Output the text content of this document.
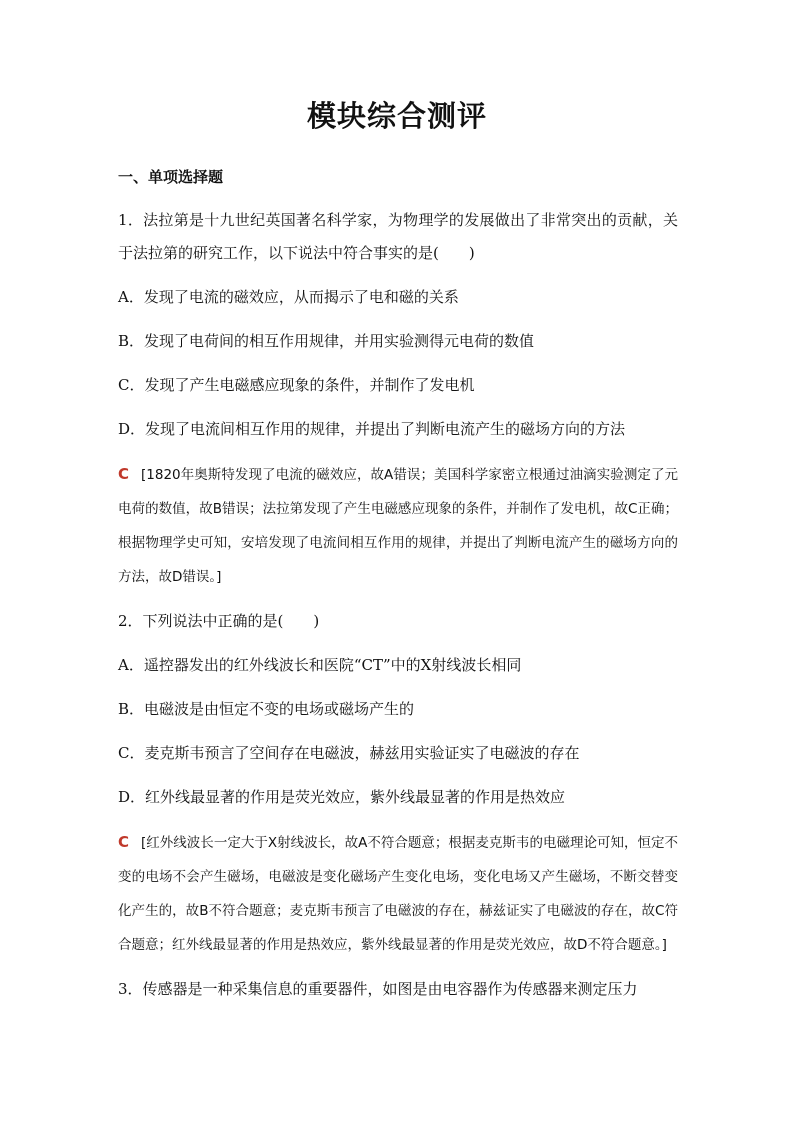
模块综合测评
一、单项选择题
1．法拉第是十九世纪英国著名科学家，为物理学的发展做出了非常突出的贡献，关于法拉第的研究工作，以下说法中符合事实的是(　　)
A．发现了电流的磁效应，从而揭示了电和磁的关系
B．发现了电荷间的相互作用规律，并用实验测得元电荷的数值
C．发现了产生电磁感应现象的条件，并制作了发电机
D．发现了电流间相互作用的规律，并提出了判断电流产生的磁场方向的方法
C [1820年奥斯特发现了电流的磁效应，故A错误；美国科学家密立根通过油滴实验测定了元电荷的数值，故B错误；法拉第发现了产生电磁感应现象的条件，并制作了发电机，故C正确；根据物理学史可知，安培发现了电流间相互作用的规律，并提出了判断电流产生的磁场方向的方法，故D错误。]
2．下列说法中正确的是(　　)
A．遥控器发出的红外线波长和医院“CT”中的X射线波长相同
B．电磁波是由恒定不变的电场或磁场产生的
C．麦克斯韦预言了空间存在电磁波，赫兹用实验证实了电磁波的存在
D．红外线最显著的作用是荧光效应，紫外线最显著的作用是热效应
C [红外线波长一定大于X射线波长，故A不符合题意；根据麦克斯韦的电磁理论可知，恒定不变的电场不会产生磁场，电磁波是变化磁场产生变化电场，变化电场又产生磁场，不断交替变化产生的，故B不符合题意；麦克斯韦预言了电磁波的存在，赫兹证实了电磁波的存在，故C符合题意；红外线最显著的作用是热效应，紫外线最显著的作用是荧光效应，故D不符合题意。]
3．传感器是一种采集信息的重要器件，如图是由电容器作为传感器来测定压力
